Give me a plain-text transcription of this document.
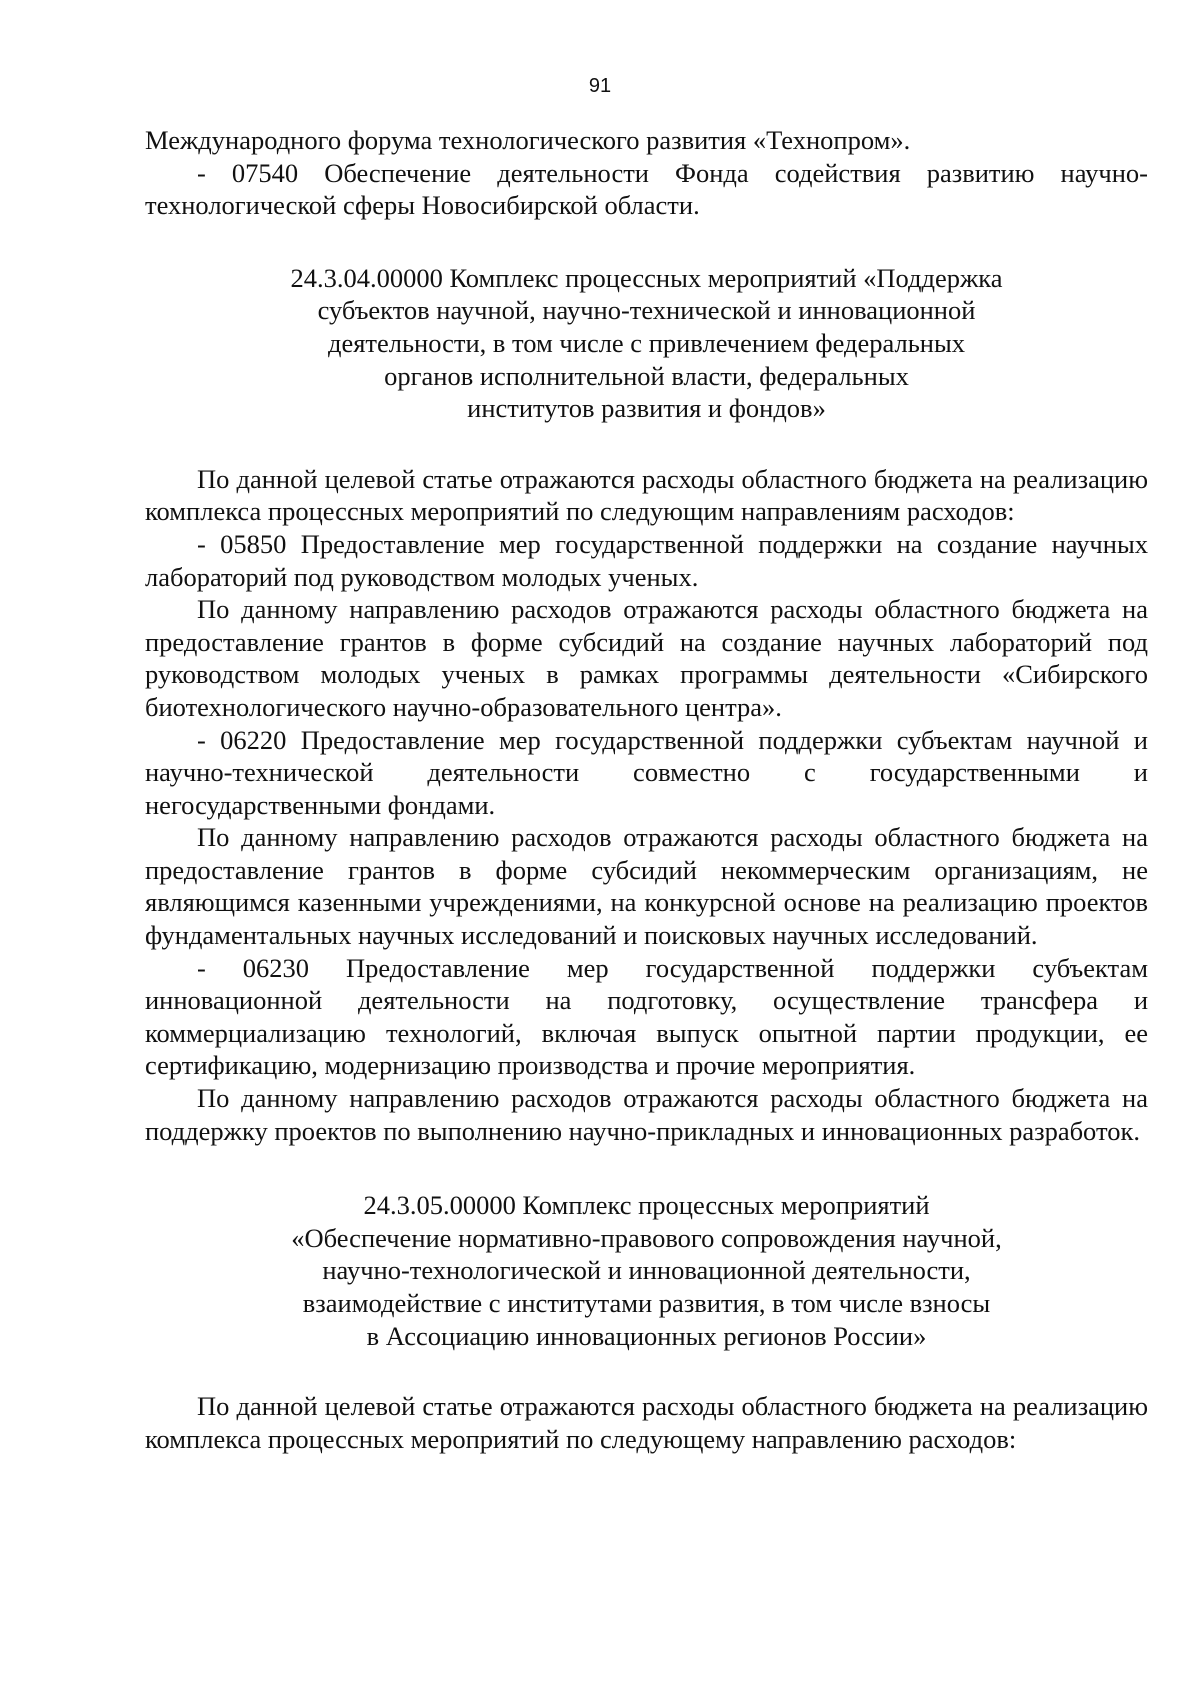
91

Международного форума технологического развития «Технопром».

- 07540 Обеспечение деятельности Фонда содействия развитию научно-технологической сферы Новосибирской области.

24.3.04.00000 Комплекс процессных мероприятий «Поддержка
субъектов научной, научно-технической и инновационной
деятельности, в том числе с привлечением федеральных
органов исполнительной власти, федеральных
институтов развития и фондов»

По данной целевой статье отражаются расходы областного бюджета на реализацию комплекса процессных мероприятий по следующим направлениям расходов:

- 05850 Предоставление мер государственной поддержки на создание научных лабораторий под руководством молодых ученых.

По данному направлению расходов отражаются расходы областного бюджета на предоставление грантов в форме субсидий на создание научных лабораторий под руководством молодых ученых в рамках программы деятельности «Сибирского биотехнологического научно-образовательного центра».

- 06220 Предоставление мер государственной поддержки субъектам научной и научно-технической деятельности совместно с государственными и негосударственными фондами.

По данному направлению расходов отражаются расходы областного бюджета на предоставление грантов в форме субсидий некоммерческим организациям, не являющимся казенными учреждениями, на конкурсной основе на реализацию проектов фундаментальных научных исследований и поисковых научных исследований.

- 06230 Предоставление мер государственной поддержки субъектам инновационной деятельности на подготовку, осуществление трансфера и коммерциализацию технологий, включая выпуск опытной партии продукции, ее сертификацию, модернизацию производства и прочие мероприятия.

По данному направлению расходов отражаются расходы областного бюджета на поддержку проектов по выполнению научно-прикладных и инновационных разработок.

24.3.05.00000 Комплекс процессных мероприятий
«Обеспечение нормативно-правового сопровождения научной,
научно-технологической и инновационной деятельности,
взаимодействие с институтами развития, в том числе взносы
в Ассоциацию инновационных регионов России»

По данной целевой статье отражаются расходы областного бюджета на реализацию комплекса процессных мероприятий по следующему направлению расходов:
